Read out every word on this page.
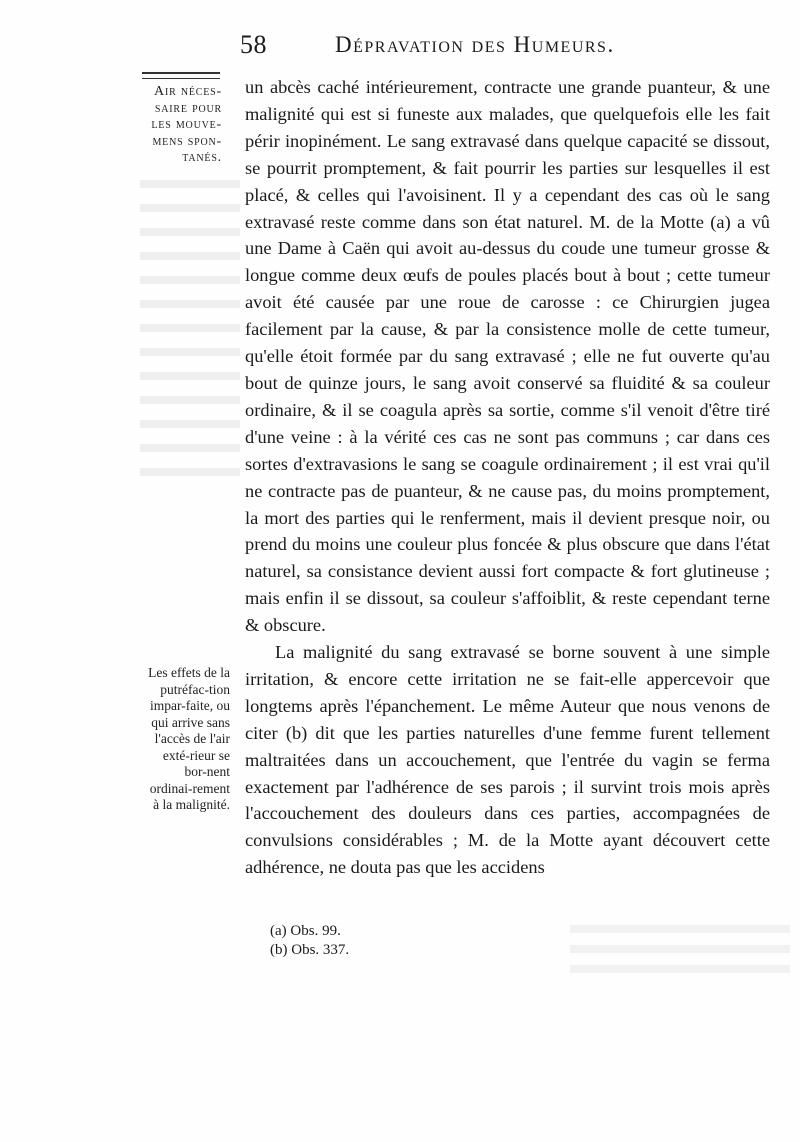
58	Dépravation des Humeurs.
Air néces-saire pour les mouve-mens spon-tanés.
Les effets de la putréfac-tion impar-faite, ou qui arrive sans l'accès de l'air exté-rieur se bor-nent ordinai-rement à la malignité.

un abcès caché intérieurement, contracte une grande puanteur, & une malignité qui est si funeste aux malades, que quelquefois elle les fait périr inopinément. Le sang extravasé dans quelque capacité se dissout, se pourrit promptement, & fait pourrir les parties sur lesquelles il est placé, & celles qui l'avoisinent. Il y a cependant des cas où le sang extravasé reste comme dans son état naturel. M. de la Motte (a) a vû une Dame à Caën qui avoit au-dessus du coude une tumeur grosse & longue comme deux œufs de poules placés bout à bout ; cette tumeur avoit été causée par une roue de carosse : ce Chirurgien jugea facilement par la cause, & par la consistence molle de cette tumeur, qu'elle étoit formée par du sang extravasé ; elle ne fut ouverte qu'au bout de quinze jours, le sang avoit conservé sa fluidité & sa couleur ordinaire, & il se coagula après sa sortie, comme s'il venoit d'être tiré d'une veine : à la vérité ces cas ne sont pas communs ; car dans ces sortes d'extravasions le sang se coagule ordinairement ; il est vrai qu'il ne contracte pas de puanteur, & ne cause pas, du moins promptement, la mort des parties qui le renferment, mais il devient presque noir, ou prend du moins une couleur plus foncée & plus obscure que dans l'état naturel, sa consistance devient aussi fort compacte & fort glutineuse ; mais enfin il se dissout, sa couleur s'affoiblit, & reste cependant terne & obscure.

La malignité du sang extravasé se borne souvent à une simple irritation, & encore cette irritation ne se fait-elle appercevoir que longtems après l'épanchement. Le même Auteur que nous venons de citer (b) dit que les parties naturelles d'une femme furent tellement maltraitées dans un accouchement, que l'entrée du vagin se ferma exactement par l'adhérence de ses parois ; il survint trois mois après l'accouchement des douleurs dans ces parties, accompagnées de convulsions considérables ; M. de la Motte ayant découvert cette adhérence, ne douta pas que les accidens

(a) Obs. 99.
(b) Obs. 337.
